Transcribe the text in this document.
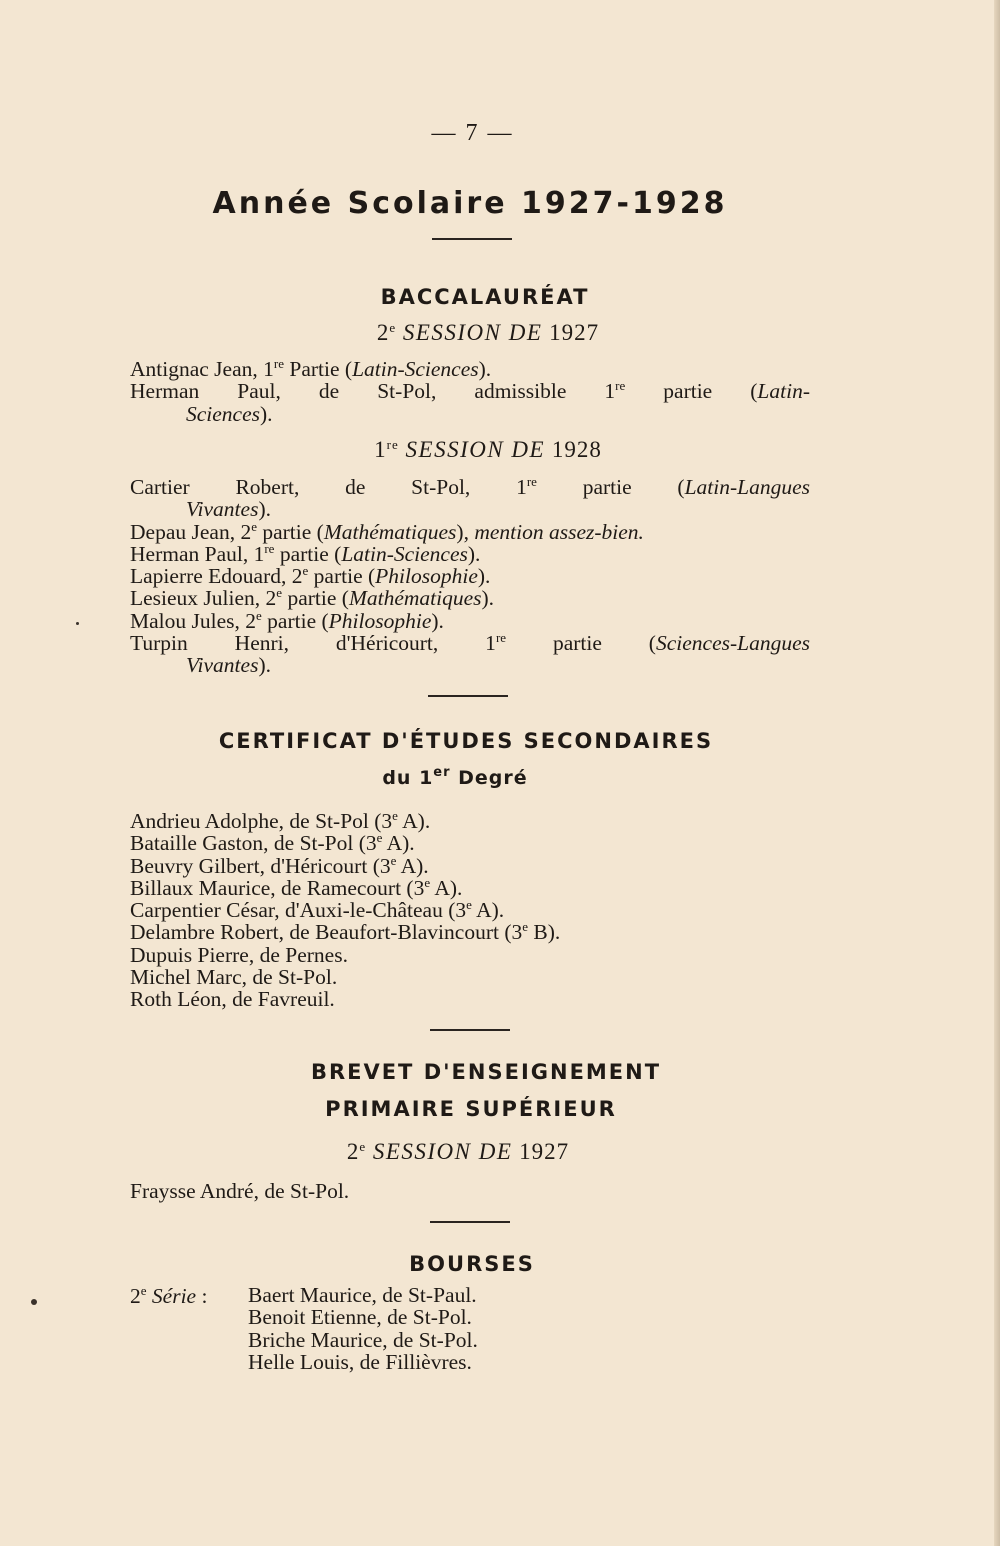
— 7 —
Année Scolaire 1927-1928
BACCALAURÉAT
2e SESSION DE 1927
Antignac Jean, 1re Partie (Latin-Sciences).
Herman Paul, de St-Pol, admissible 1re partie (Latin-
Sciences).
1re SESSION DE 1928
Cartier Robert, de St-Pol, 1re partie (Latin-Langues
Vivantes).
Depau Jean, 2e partie (Mathématiques), mention assez-bien.
Herman Paul, 1re partie (Latin-Sciences).
Lapierre Edouard, 2e partie (Philosophie).
Lesieux Julien, 2e partie (Mathématiques).
Malou Jules, 2e partie (Philosophie).
Turpin Henri, d'Héricourt, 1re partie (Sciences-Langues
Vivantes).
CERTIFICAT D'ÉTUDES SECONDAIRES
du 1er Degré
Andrieu Adolphe, de St-Pol (3e A).
Bataille Gaston, de St-Pol (3e A).
Beuvry Gilbert, d'Héricourt (3e A).
Billaux Maurice, de Ramecourt (3e A).
Carpentier César, d'Auxi-le-Château (3e A).
Delambre Robert, de Beaufort-Blavincourt (3e B).
Dupuis Pierre, de Pernes.
Michel Marc, de St-Pol.
Roth Léon, de Favreuil.
BREVET D'ENSEIGNEMENT
PRIMAIRE SUPÉRIEUR
2e SESSION DE 1927
Fraysse André, de St-Pol.
BOURSES
2e Série : Baert Maurice, de St-Paul.
Benoit Etienne, de St-Pol.
Briche Maurice, de St-Pol.
Helle Louis, de Fillièvres.
